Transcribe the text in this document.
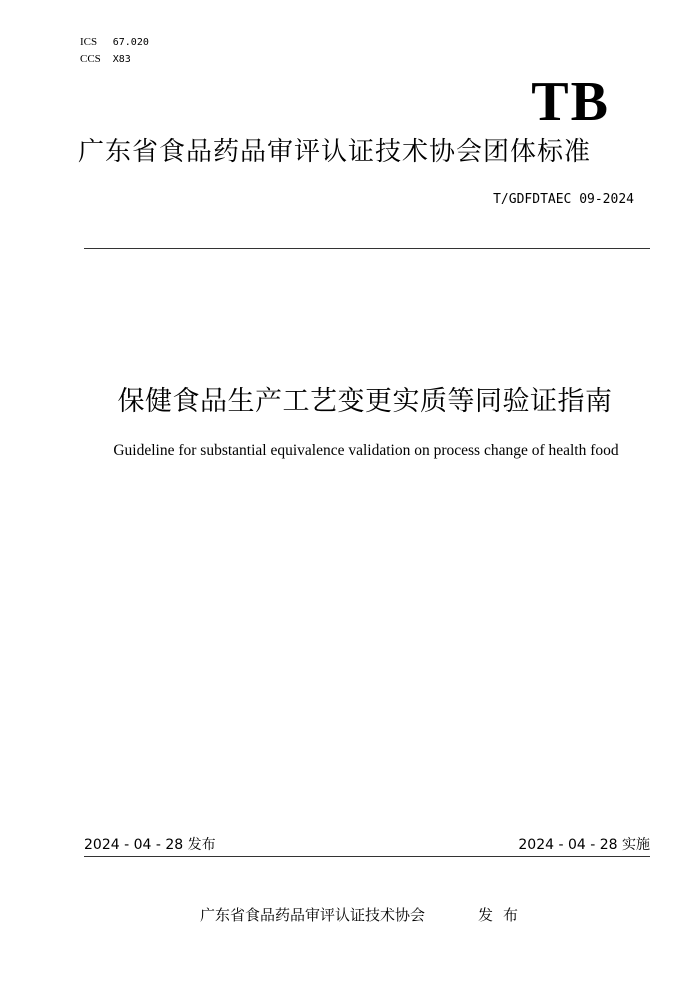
ICS 67.020
CCS X83
TB
广东省食品药品审评认证技术协会团体标准
T/GDFDTAEC 09-2024
保健食品生产工艺变更实质等同验证指南
Guideline for substantial equivalence validation on process change of health food
2024 - 04 - 28 发布	2024 - 04 - 28 实施
广东省食品药品审评认证技术协会	发布
